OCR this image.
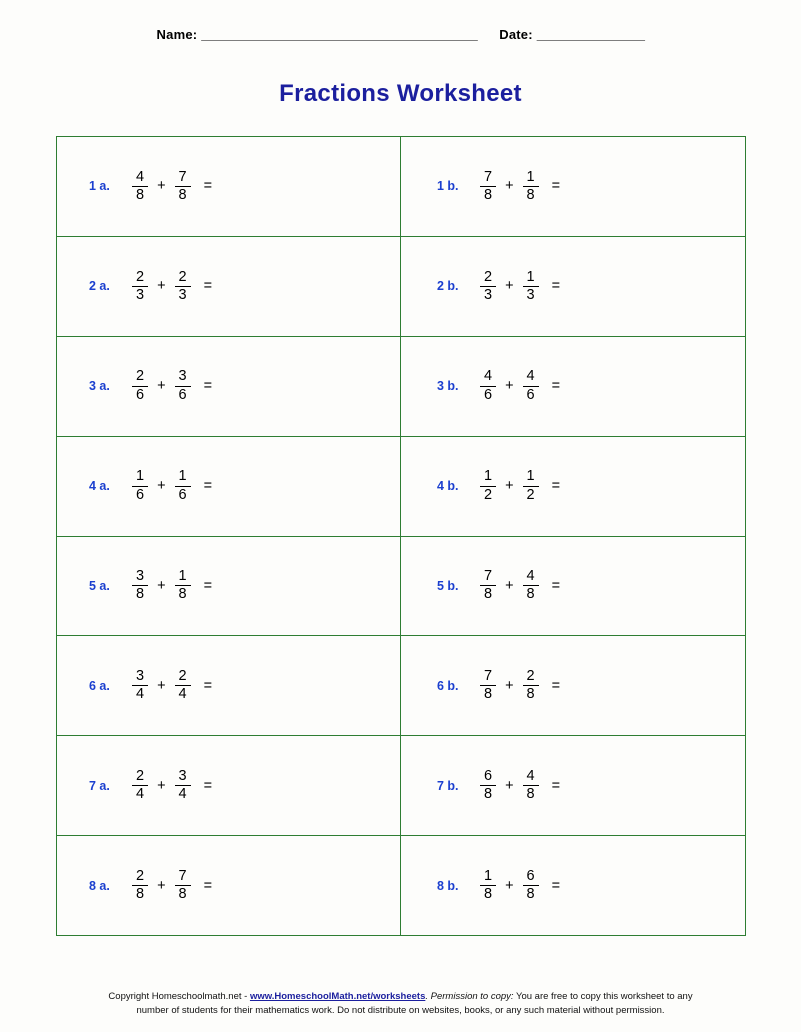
Name: _________________________________________ Date: ________________
Fractions Worksheet
1 a.	$\frac{4}{8} + \frac{7}{8}$ =	1 b.	$\frac{7}{8} + \frac{1}{8}$ =
2 a.	$\frac{2}{3} + \frac{2}{3}$ =	2 b.	$\frac{2}{3} + \frac{1}{3}$ =
3 a.	$\frac{2}{6} + \frac{3}{6}$ =	3 b.	$\frac{4}{6} + \frac{4}{6}$ =
4 a.	$\frac{1}{6} + \frac{1}{6}$ =	4 b.	$\frac{1}{2} + \frac{1}{2}$ =
5 a.	$\frac{3}{8} + \frac{1}{8}$ =	5 b.	$\frac{7}{8} + \frac{4}{8}$ =
6 a.	$\frac{3}{4} + \frac{2}{4}$ =	6 b.	$\frac{7}{8} + \frac{2}{8}$ =
7 a.	$\frac{2}{4} + \frac{3}{4}$ =	7 b.	$\frac{6}{8} + \frac{4}{8}$ =
8 a.	$\frac{2}{8} + \frac{7}{8}$ =	8 b.	$\frac{1}{8} + \frac{6}{8}$ =
Copyright Homeschoolmath.net - www.HomeschoolMath.net/worksheets. Permission to copy: You are free to copy this worksheet to any
number of students for their mathematics work. Do not distribute on websites, books, or any such material without permission.
